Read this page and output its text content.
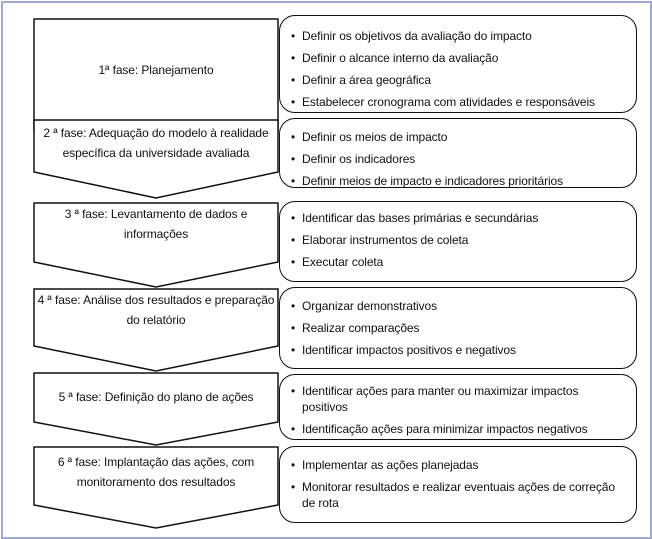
1ª fase: Planejamento
• Definir os objetivos da avaliação do impacto
• Definir o alcance interno da avaliação
• Definir a área geográfica
• Estabelecer cronograma com atividades e responsáveis
2 ª fase: Adequação do modelo à realidade específica da universidade avaliada
• Definir os meios de impacto
• Definir os indicadores
• Definir meios de impacto e indicadores prioritários
3 ª fase: Levantamento de dados e informações
• Identificar das bases primárias e secundárias
• Elaborar instrumentos de coleta
• Executar coleta
4 ª fase: Análise dos resultados e preparação do relatório
• Organizar demonstrativos
• Realizar comparações
• Identificar impactos positivos e negativos
5 ª fase: Definição do plano de ações	• Identificar ações para manter ou maximizar impactos positivos
• Identificação ações para minimizar impactos negativos
6 ª fase: Implantação das ações, com monitoramento dos resultados
• Implementar as ações planejadas
• Monitorar resultados e realizar eventuais ações de correção de rota
